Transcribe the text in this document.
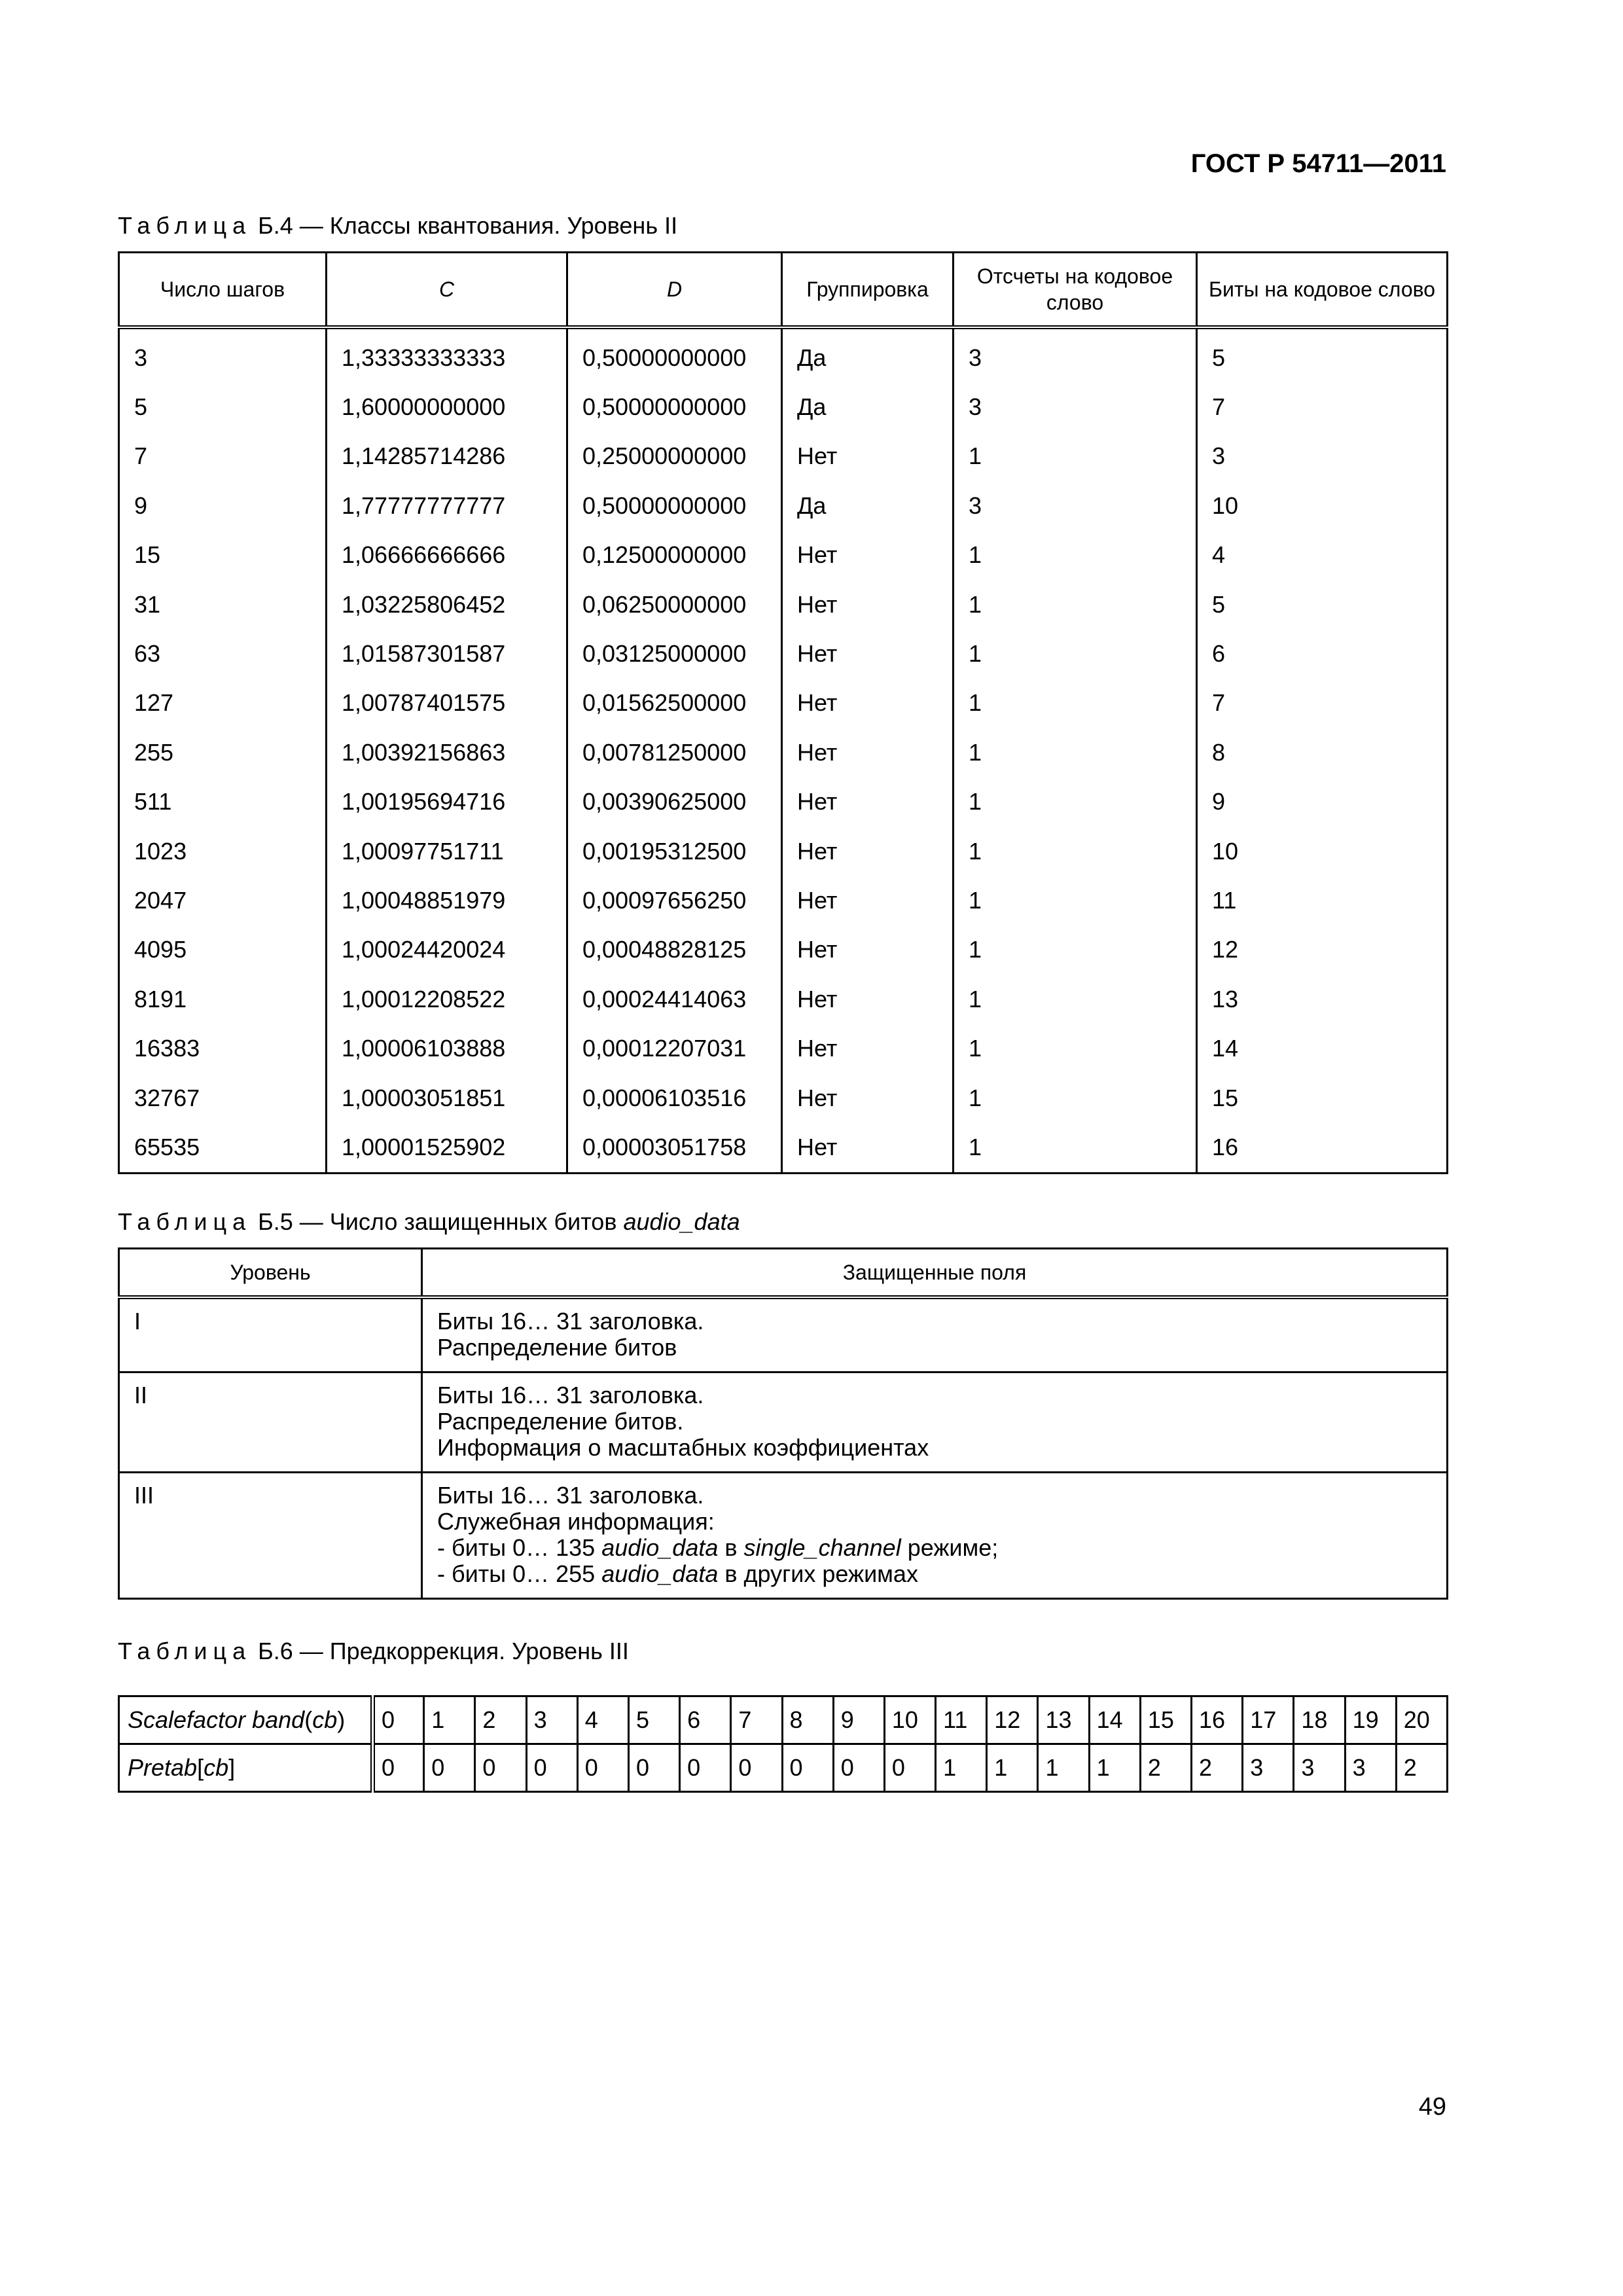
ГОСТ Р 54711—2011
Таблица Б.4 — Классы квантования. Уровень II
Число шагов	C	D	Группировка	Отсчеты на кодовое слово	Биты на кодовое слово
3	1,33333333333	0,50000000000	Да	3	5
5	1,60000000000	0,50000000000	Да	3	7
7	1,14285714286	0,25000000000	Нет	1	3
9	1,77777777777	0,50000000000	Да	3	10
15	1,06666666666	0,12500000000	Нет	1	4
31	1,03225806452	0,06250000000	Нет	1	5
63	1,01587301587	0,03125000000	Нет	1	6
127	1,00787401575	0,01562500000	Нет	1	7
255	1,00392156863	0,00781250000	Нет	1	8
511	1,00195694716	0,00390625000	Нет	1	9
1023	1,00097751711	0,00195312500	Нет	1	10
2047	1,00048851979	0,00097656250	Нет	1	11
4095	1,00024420024	0,00048828125	Нет	1	12
8191	1,00012208522	0,00024414063	Нет	1	13
16383	1,00006103888	0,00012207031	Нет	1	14
32767	1,00003051851	0,00006103516	Нет	1	15
65535	1,00001525902	0,00003051758	Нет	1	16
Таблица Б.5 — Число защищенных битов audio_data
Уровень	Защищенные поля
I	Биты 16… 31 заголовка.
Распределение битов

II	Биты 16… 31 заголовка.
Распределение битов.
Информация о масштабных коэффициентах

III	Биты 16… 31 заголовка.
Служебная информация:
- биты 0… 135 audio_data в single_channel режиме;
- биты 0… 255 audio_data в других режимах
Таблица Б.6 — Предкоррекция. Уровень III
Scalefactor band(cb)	0	1	2	3	4	5	6	7	8	9	10	11	12	13	14	15	16	17	18	19	20
Pretab[cb]	0	0	0	0	0	0	0	0	0	0	0	1	1	1	1	2	2	3	3	3	2
49
